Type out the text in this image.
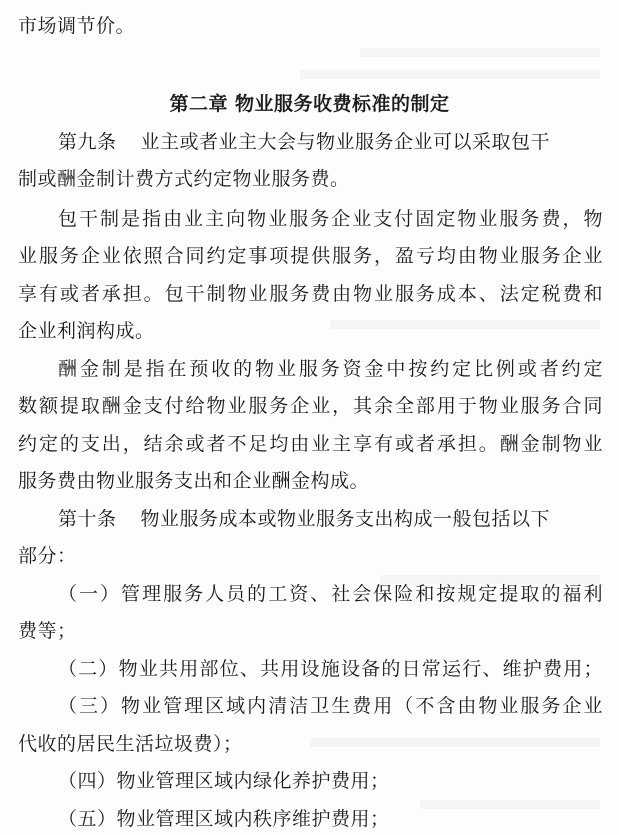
市场调节价。
第二章 物业服务收费标准的制定
第九条 业主或者业主大会与物业服务企业可以采取包干
制或酬金制计费方式约定物业服务费。
包干制是指由业主向物业服务企业支付固定物业服务费，物
业服务企业依照合同约定事项提供服务，盈亏均由物业服务企业
享有或者承担。包干制物业服务费由物业服务成本、法定税费和
企业利润构成。
酬金制是指在预收的物业服务资金中按约定比例或者约定
数额提取酬金支付给物业服务企业，其余全部用于物业服务合同
约定的支出，结余或者不足均由业主享有或者承担。酬金制物业
服务费由物业服务支出和企业酬金构成。
第十条 物业服务成本或物业服务支出构成一般包括以下
部分：
（一）管理服务人员的工资、社会保险和按规定提取的福利
费等；
（二）物业共用部位、共用设施设备的日常运行、维护费用；
（三）物业管理区域内清洁卫生费用（不含由物业服务企业
代收的居民生活垃圾费）；
（四）物业管理区域内绿化养护费用；
（五）物业管理区域内秩序维护费用；
